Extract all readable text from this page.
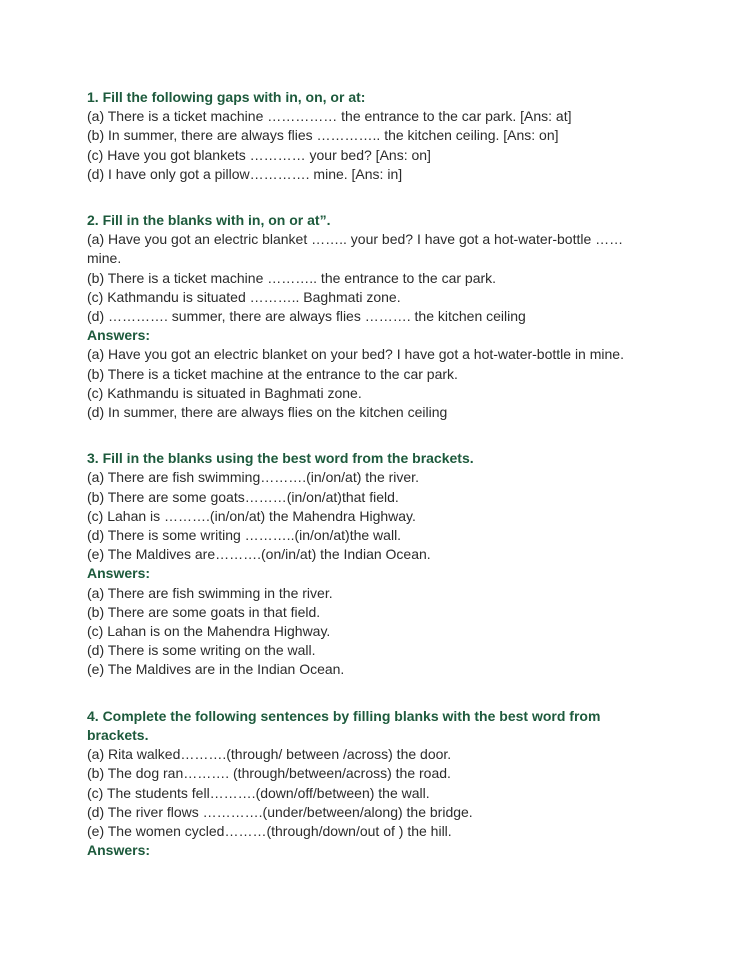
1. Fill the following gaps with in, on, or at:
(a) There is a ticket machine …………… the entrance to the car park. [Ans: at]
(b) In summer, there are always flies ………….. the kitchen ceiling. [Ans: on]
(c) Have you got blankets ………… your bed? [Ans: on]
(d) I have only got a pillow…………. mine. [Ans: in]
2. Fill in the blanks with in, on or at”.
(a) Have you got an electric blanket …….. your bed? I have got a hot-water-bottle …… mine.
(b) There is a ticket machine ……….. the entrance to the car park.
(c) Kathmandu is situated ……….. Baghmati zone.
(d) …………. summer, there are always flies ………. the kitchen ceiling
Answers:
(a) Have you got an electric blanket on your bed? I have got a hot-water-bottle in mine.
(b) There is a ticket machine at the entrance to the car park.
(c) Kathmandu is situated in Baghmati zone.
(d) In summer, there are always flies on the kitchen ceiling
3. Fill in the blanks using the best word from the brackets.
(a) There are fish swimming……….(in/on/at) the river.
(b) There are some goats………(in/on/at)that field.
(c) Lahan is ……….(in/on/at) the Mahendra Highway.
(d) There is some writing ………..(in/on/at)the wall.
(e) The Maldives are……….(on/in/at) the Indian Ocean.
Answers:
(a) There are fish swimming in the river.
(b) There are some goats in that field.
(c) Lahan is on the Mahendra Highway.
(d) There is some writing on the wall.
(e) The Maldives are in the Indian Ocean.
4. Complete the following sentences by filling blanks with the best word from brackets.
(a) Rita walked……….(through/ between /across) the door.
(b) The dog ran………. (through/between/across) the road.
(c) The students fell……….(down/off/between) the wall.
(d) The river flows ………….(under/between/along) the bridge.
(e) The women cycled………(through/down/out of ) the hill.
Answers:
